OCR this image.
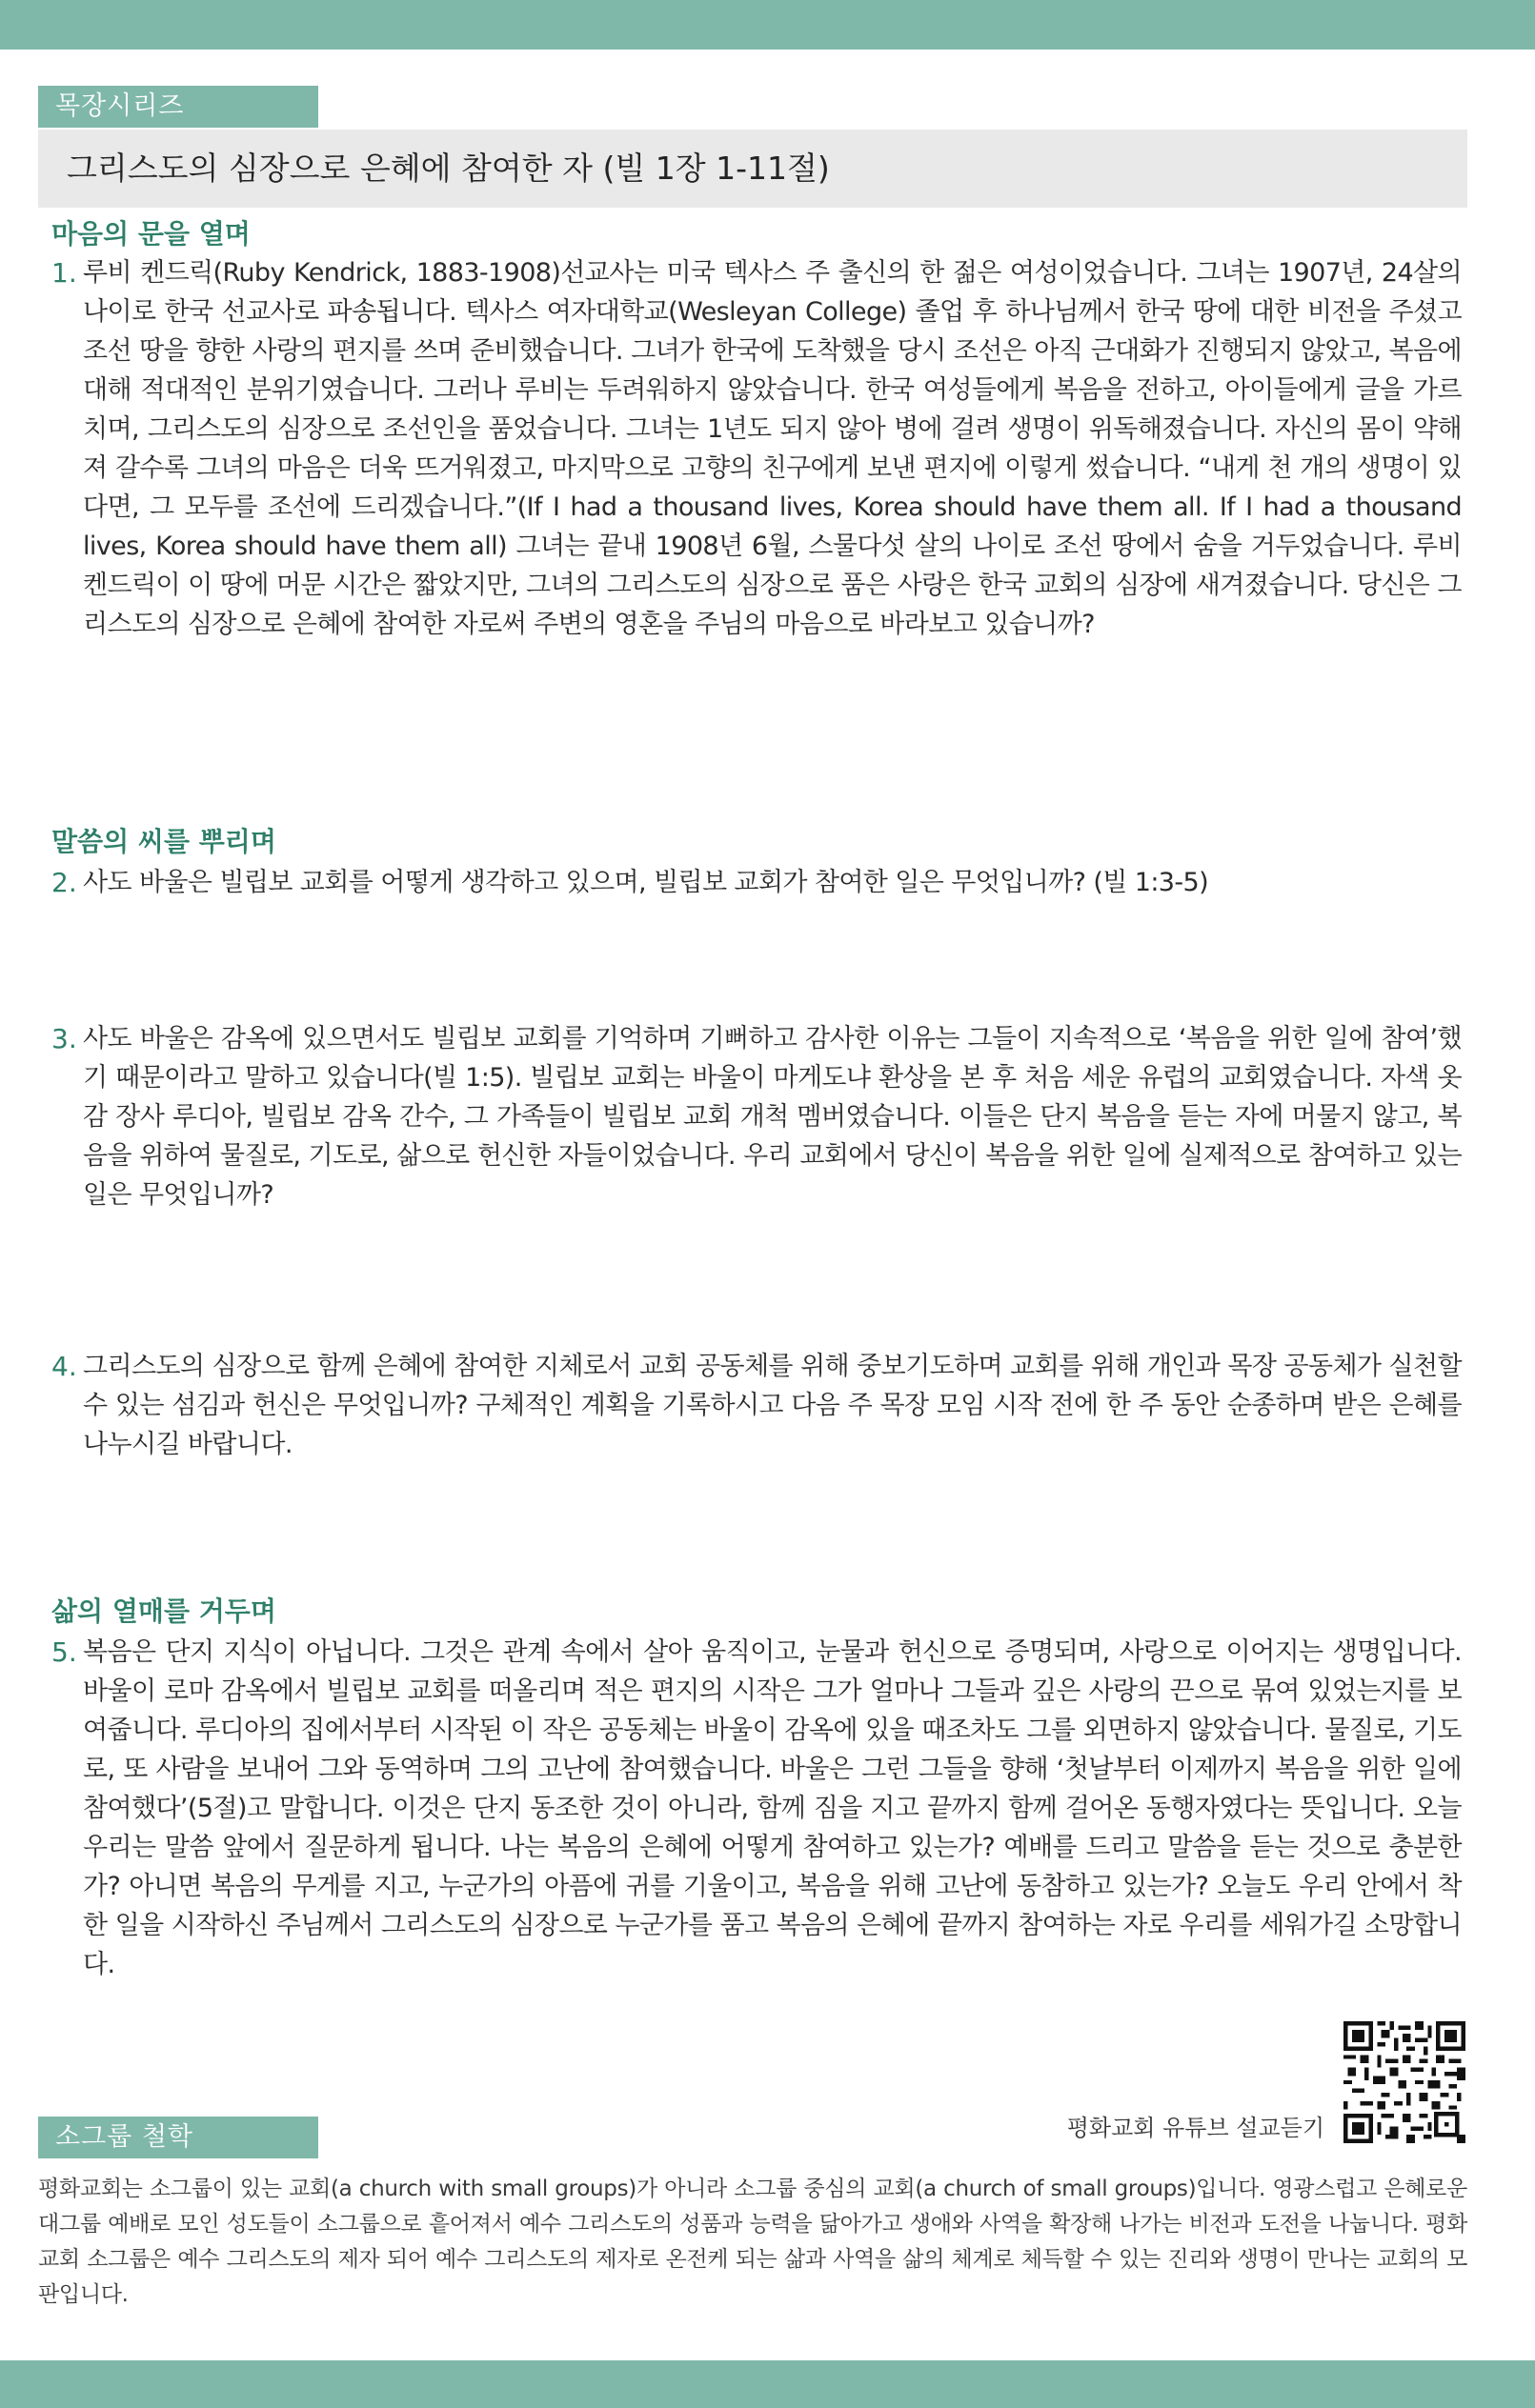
목장시리즈
그리스도의 심장으로 은혜에 참여한 자 (빌 1장 1-11절)
마음의 문을 열며
1. 루비 켄드릭(Ruby Kendrick, 1883-1908)선교사는 미국 텍사스 주 출신의 한 젊은 여성이었습니다. 그녀는 1907년, 24살의 나이로 한국 선교사로 파송됩니다. 텍사스 여자대학교(Wesleyan College) 졸업 후 하나님께서 한국 땅에 대한 비전을 주셨고 조선 땅을 향한 사랑의 편지를 쓰며 준비했습니다. 그녀가 한국에 도착했을 당시 조선은 아직 근대화가 진행되지 않았고, 복음에 대해 적대적인 분위기였습니다. 그러나 루비는 두려워하지 않았습니다. 한국 여성들에게 복음을 전하고, 아이들에게 글을 가르치며, 그리스도의 심장으로 조선인을 품었습니다. 그녀는 1년도 되지 않아 병에 걸려 생명이 위독해졌습니다. 자신의 몸이 약해져 갈수록 그녀의 마음은 더욱 뜨거워졌고, 마지막으로 고향의 친구에게 보낸 편지에 이렇게 썼습니다. “내게 천 개의 생명이 있다면, 그 모두를 조선에 드리겠습니다.”(If I had a thousand lives, Korea should have them all. If I had a thousand lives, Korea should have them all) 그녀는 끝내 1908년 6월, 스물다섯 살의 나이로 조선 땅에서 숨을 거두었습니다. 루비 켄드릭이 이 땅에 머문 시간은 짧았지만, 그녀의 그리스도의 심장으로 품은 사랑은 한국 교회의 심장에 새겨졌습니다. 당신은 그리스도의 심장으로 은혜에 참여한 자로써 주변의 영혼을 주님의 마음으로 바라보고 있습니까?
말씀의 씨를 뿌리며
2. 사도 바울은 빌립보 교회를 어떻게 생각하고 있으며, 빌립보 교회가 참여한 일은 무엇입니까? (빌 1:3-5)
3. 사도 바울은 감옥에 있으면서도 빌립보 교회를 기억하며 기뻐하고 감사한 이유는 그들이 지속적으로 ‘복음을 위한 일에 참여’했기 때문이라고 말하고 있습니다(빌 1:5). 빌립보 교회는 바울이 마게도냐 환상을 본 후 처음 세운 유럽의 교회였습니다. 자색 옷감 장사 루디아, 빌립보 감옥 간수, 그 가족들이 빌립보 교회 개척 멤버였습니다. 이들은 단지 복음을 듣는 자에 머물지 않고, 복음을 위하여 물질로, 기도로, 삶으로 헌신한 자들이었습니다. 우리 교회에서 당신이 복음을 위한 일에 실제적으로 참여하고 있는 일은 무엇입니까?
4. 그리스도의 심장으로 함께 은혜에 참여한 지체로서 교회 공동체를 위해 중보기도하며 교회를 위해 개인과 목장 공동체가 실천할 수 있는 섬김과 헌신은 무엇입니까? 구체적인 계획을 기록하시고 다음 주 목장 모임 시작 전에 한 주 동안 순종하며 받은 은혜를 나누시길 바랍니다.
삶의 열매를 거두며
5. 복음은 단지 지식이 아닙니다. 그것은 관계 속에서 살아 움직이고, 눈물과 헌신으로 증명되며, 사랑으로 이어지는 생명입니다. 바울이 로마 감옥에서 빌립보 교회를 떠올리며 적은 편지의 시작은 그가 얼마나 그들과 깊은 사랑의 끈으로 묶여 있었는지를 보여줍니다. 루디아의 집에서부터 시작된 이 작은 공동체는 바울이 감옥에 있을 때조차도 그를 외면하지 않았습니다. 물질로, 기도로, 또 사람을 보내어 그와 동역하며 그의 고난에 참여했습니다. 바울은 그런 그들을 향해 ‘첫날부터 이제까지 복음을 위한 일에 참여했다’(5절)고 말합니다. 이것은 단지 동조한 것이 아니라, 함께 짐을 지고 끝까지 함께 걸어온 동행자였다는 뜻입니다. 오늘 우리는 말씀 앞에서 질문하게 됩니다. 나는 복음의 은혜에 어떻게 참여하고 있는가? 예배를 드리고 말씀을 듣는 것으로 충분한가? 아니면 복음의 무게를 지고, 누군가의 아픔에 귀를 기울이고, 복음을 위해 고난에 동참하고 있는가? 오늘도 우리 안에서 착한 일을 시작하신 주님께서 그리스도의 심장으로 누군가를 품고 복음의 은혜에 끝까지 참여하는 자로 우리를 세워가길 소망합니다.
평화교회 유튜브 설교듣기
소그룹 철학
평화교회는 소그룹이 있는 교회(a church with small groups)가 아니라 소그룹 중심의 교회(a church of small groups)입니다. 영광스럽고 은혜로운 대그룹 예배로 모인 성도들이 소그룹으로 흩어져서 예수 그리스도의 성품과 능력을 닮아가고 생애와 사역을 확장해 나가는 비전과 도전을 나눕니다. 평화교회 소그룹은 예수 그리스도의 제자 되어 예수 그리스도의 제자로 온전케 되는 삶과 사역을 삶의 체계로 체득할 수 있는 진리와 생명이 만나는 교회의 모판입니다.
